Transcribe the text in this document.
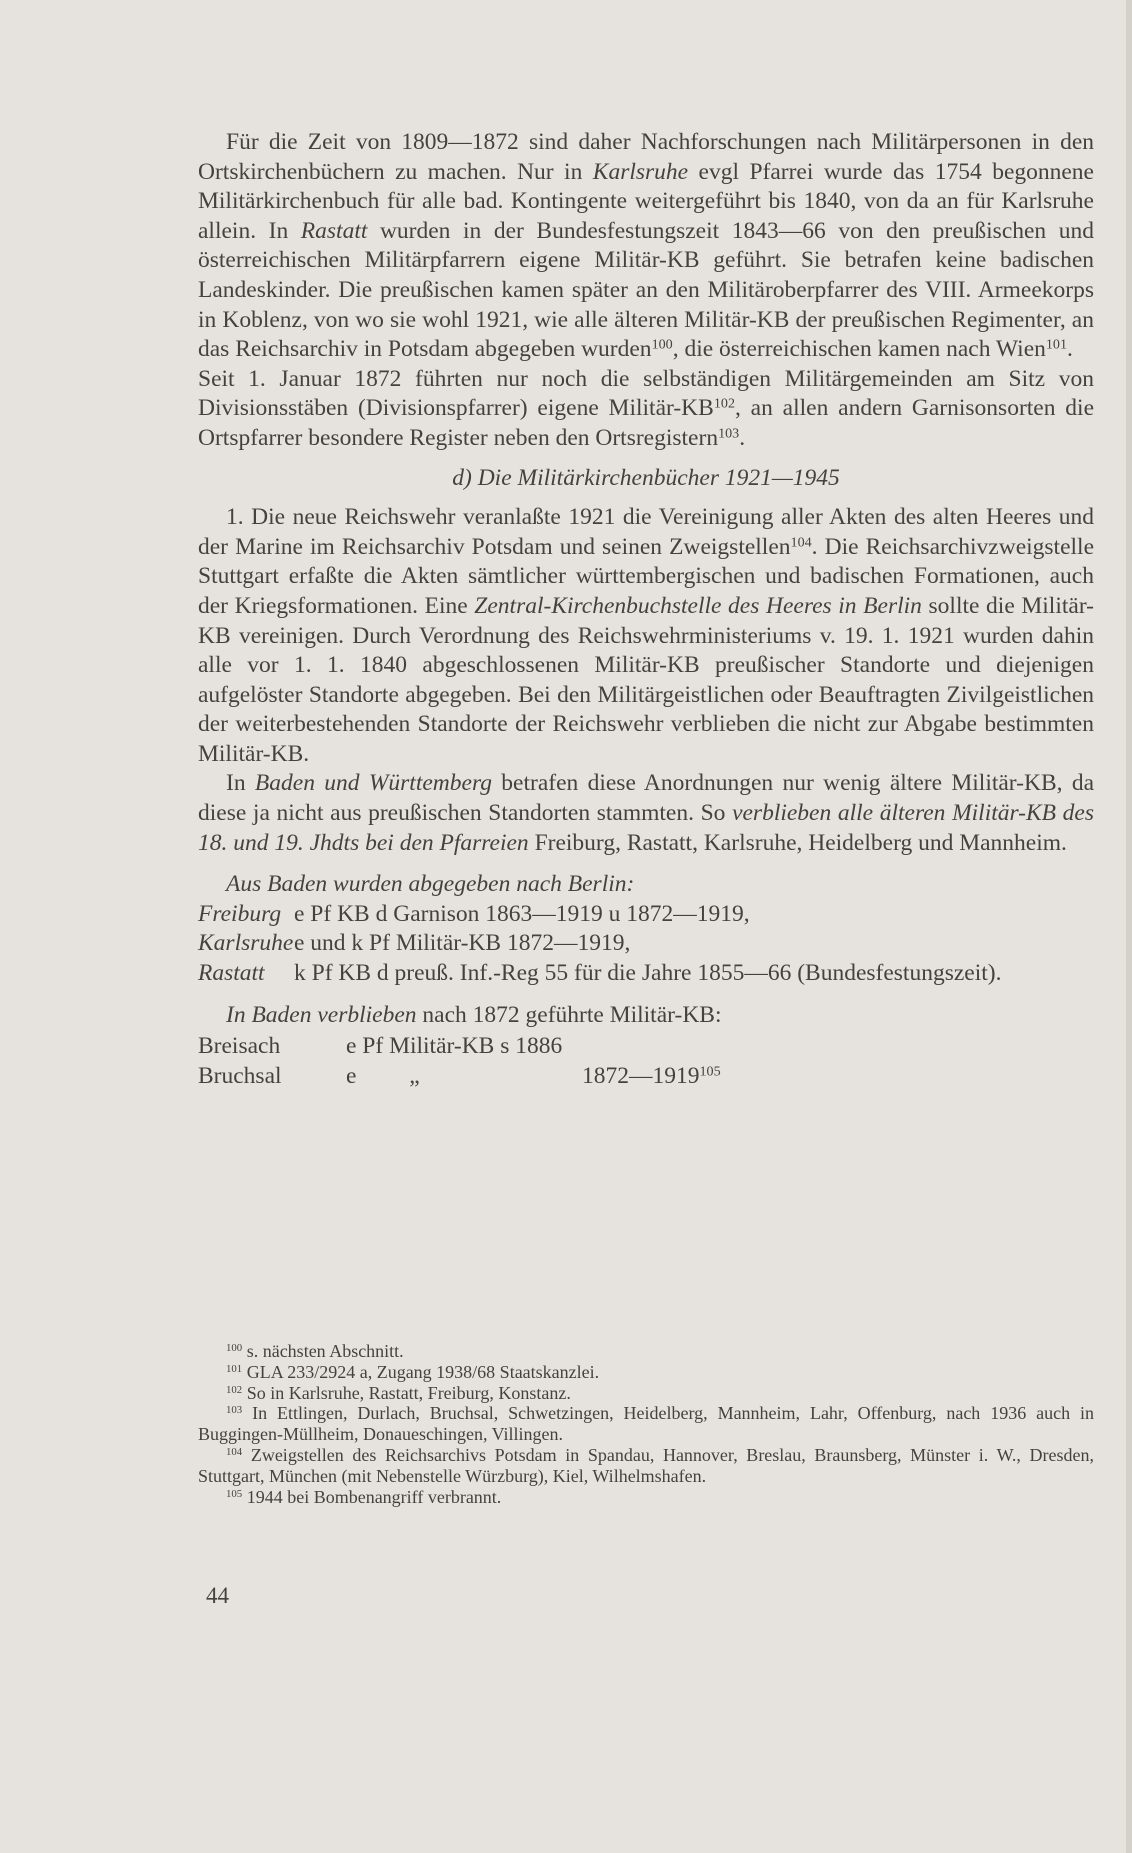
Für die Zeit von 1809—1872 sind daher Nachforschungen nach Militärpersonen in den Ortskirchenbüchern zu machen. Nur in Karlsruhe evgl Pfarrei wurde das 1754 begonnene Militärkirchenbuch für alle bad. Kontingente weitergeführt bis 1840, von da an für Karlsruhe allein. In Rastatt wurden in der Bundesfestungszeit 1843—66 von den preußischen und österreichischen Militärpfarrern eigene Militär-KB geführt. Sie betrafen keine badischen Landeskinder. Die preußischen kamen später an den Militäroberpfarrer des VIII. Armeekorps in Koblenz, von wo sie wohl 1921, wie alle älteren Militär-KB der preußischen Regimenter, an das Reichsarchiv in Potsdam abgegeben wurden$^{100}$, die österreichischen kamen nach Wien$^{101}$.

Seit 1. Januar 1872 führten nur noch die selbständigen Militärgemeinden am Sitz von Divisionsstäben (Divisionspfarrer) eigene Militär-KB$^{102}$, an allen andern Garnisonsorten die Ortspfarrer besondere Register neben den Ortsregistern$^{103}$.

d) Die Militärkirchenbücher 1921—1945

1. Die neue Reichswehr veranlaßte 1921 die Vereinigung aller Akten des alten Heeres und der Marine im Reichsarchiv Potsdam und seinen Zweigstellen$^{104}$. Die Reichsarchivzweigstelle Stuttgart erfaßte die Akten sämtlicher württembergischen und badischen Formationen, auch der Kriegsformationen. Eine Zentral-Kirchenbuchstelle des Heeres in Berlin sollte die Militär-KB vereinigen. Durch Verordnung des Reichswehrministeriums v. 19. 1. 1921 wurden dahin alle vor 1. 1. 1840 abgeschlossenen Militär-KB preußischer Standorte und diejenigen aufgelöster Standorte abgegeben. Bei den Militärgeistlichen oder Beauftragten Zivilgeistlichen der weiterbestehenden Standorte der Reichswehr verblieben die nicht zur Abgabe bestimmten Militär-KB.

In Baden und Württemberg betrafen diese Anordnungen nur wenig ältere Militär-KB, da diese ja nicht aus preußischen Standorten stammten. So verblieben alle älteren Militär-KB des 18. und 19. Jhdts bei den Pfarreien Freiburg, Rastatt, Karlsruhe, Heidelberg und Mannheim.

Aus Baden wurden abgegeben nach Berlin:

Freiburg e Pf KB d Garnison 1863—1919 u 1872—1919,
Karlsruhe e und k Pf Militär-KB 1872—1919,
Rastatt	k Pf KB d preuß. Inf.-Reg 55 für die Jahre 1855—66 (Bundesfestungszeit).

In Baden verblieben nach 1872 geführte Militär-KB:

Breisach	e Pf Militär-KB s 1886
Bruchsal	e         „	1872—1919$^{105}$

$^{100}$ s. nächsten Abschnitt.

$^{101}$ GLA 233/2924 a, Zugang 1938/68 Staatskanzlei.

$^{102}$ So in Karlsruhe, Rastatt, Freiburg, Konstanz.

$^{103}$ In Ettlingen, Durlach, Bruchsal, Schwetzingen, Heidelberg, Mannheim, Lahr, Offenburg, nach 1936 auch in Buggingen-Müllheim, Donaueschingen, Villingen.

$^{104}$ Zweigstellen des Reichsarchivs Potsdam in Spandau, Hannover, Breslau, Braunsberg, Münster i. W., Dresden, Stuttgart, München (mit Nebenstelle Würzburg), Kiel, Wilhelmshafen.

$^{105}$ 1944 bei Bombenangriff verbrannt.

44
